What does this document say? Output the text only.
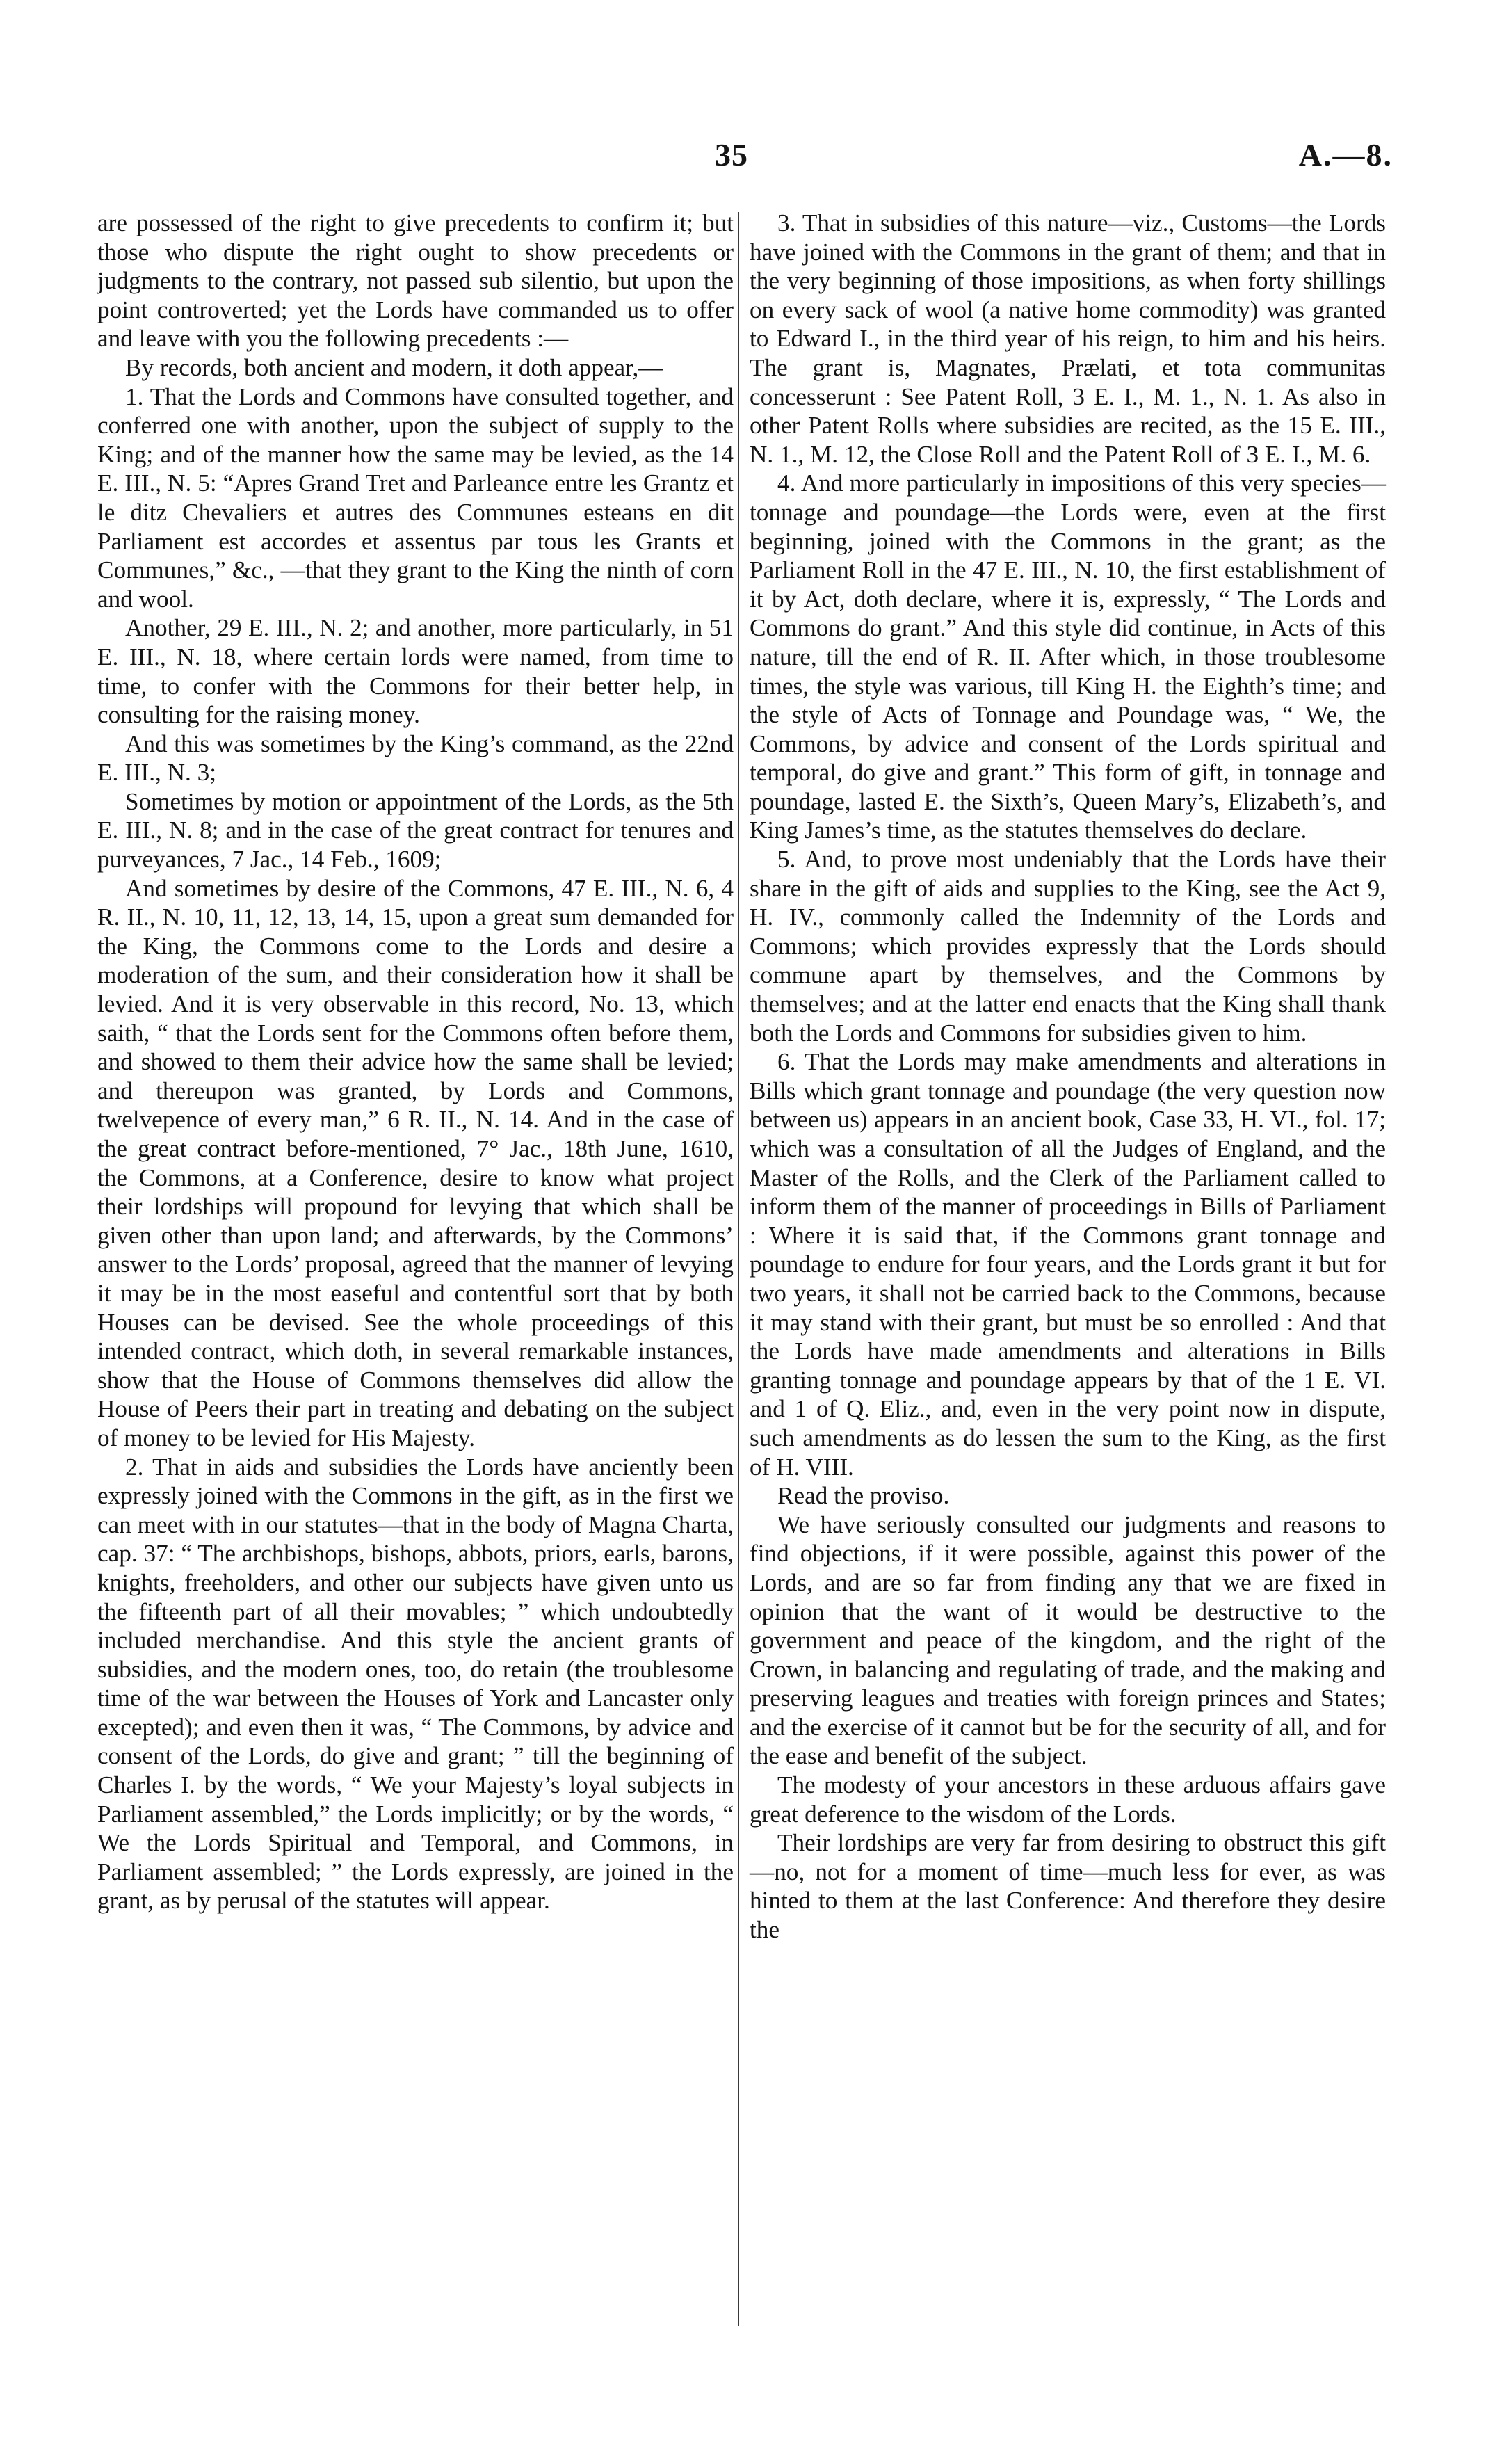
35	A.—8.

are possessed of the right to give precedents to confirm it; but those who dispute the right ought to show precedents or judgments to the contrary, not passed sub silentio, but upon the point controverted; yet the Lords have commanded us to offer and leave with you the following precedents :—

By records, both ancient and modern, it doth appear,—

1. That the Lords and Commons have consulted together, and conferred one with another, upon the subject of supply to the King; and of the manner how the same may be levied, as the 14 E. III., N. 5: “Apres Grand Tret and Parleance entre les Grantz et le ditz Chevaliers et autres des Communes esteans en dit Parliament est accordes et assentus par tous les Grants et Communes,” &c., —that they grant to the King the ninth of corn and wool.

Another, 29 E. III., N. 2; and another, more particularly, in 51 E. III., N. 18, where certain lords were named, from time to time, to confer with the Commons for their better help, in consulting for the raising money.

And this was sometimes by the King’s command, as the 22nd E. III., N. 3;

Sometimes by motion or appointment of the Lords, as the 5th E. III., N. 8; and in the case of the great contract for tenures and purveyances, 7 Jac., 14 Feb., 1609;

And sometimes by desire of the Commons, 47 E. III., N. 6, 4 R. II., N. 10, 11, 12, 13, 14, 15, upon a great sum demanded for the King, the Commons come to the Lords and desire a moderation of the sum, and their consideration how it shall be levied. And it is very observable in this record, No. 13, which saith, “ that the Lords sent for the Commons often before them, and showed to them their advice how the same shall be levied; and thereupon was granted, by Lords and Commons, twelvepence of every man,” 6 R. II., N. 14. And in the case of the great contract before-mentioned, 7° Jac., 18th June, 1610, the Commons, at a Conference, desire to know what project their lordships will propound for levying that which shall be given other than upon land; and afterwards, by the Commons’ answer to the Lords’ proposal, agreed that the manner of levying it may be in the most easeful and contentful sort that by both Houses can be devised. See the whole proceedings of this intended contract, which doth, in several remarkable instances, show that the House of Commons themselves did allow the House of Peers their part in treating and debating on the subject of money to be levied for His Majesty.

2. That in aids and subsidies the Lords have anciently been expressly joined with the Commons in the gift, as in the first we can meet with in our statutes—that in the body of Magna Charta, cap. 37: “ The archbishops, bishops, abbots, priors, earls, barons, knights, freeholders, and other our subjects have given unto us the fifteenth part of all their movables; ” which undoubtedly included merchandise. And this style the ancient grants of subsidies, and the modern ones, too, do retain (the troublesome time of the war between the Houses of York and Lancaster only excepted); and even then it was, “ The Commons, by advice and consent of the Lords, do give and grant; ” till the beginning of Charles I. by the words, “ We your Majesty’s loyal subjects in Parliament assembled,” the Lords implicitly; or by the words, “ We the Lords Spiritual and Temporal, and Commons, in Parliament assembled; ” the Lords expressly, are joined in the grant, as by perusal of the statutes will appear.

3. That in subsidies of this nature—viz., Customs—the Lords have joined with the Commons in the grant of them; and that in the very beginning of those impositions, as when forty shillings on every sack of wool (a native home commodity) was granted to Edward I., in the third year of his reign, to him and his heirs. The grant is, Magnates, Prælati, et tota communitas concesserunt : See Patent Roll, 3 E. I., M. 1., N. 1. As also in other Patent Rolls where subsidies are recited, as the 15 E. III., N. 1., M. 12, the Close Roll and the Patent Roll of 3 E. I., M. 6.

4. And more particularly in impositions of this very species—tonnage and poundage—the Lords were, even at the first beginning, joined with the Commons in the grant; as the Parliament Roll in the 47 E. III., N. 10, the first establishment of it by Act, doth declare, where it is, expressly, “ The Lords and Commons do grant.” And this style did continue, in Acts of this nature, till the end of R. II. After which, in those troublesome times, the style was various, till King H. the Eighth’s time; and the style of Acts of Tonnage and Poundage was, “ We, the Commons, by advice and consent of the Lords spiritual and temporal, do give and grant.” This form of gift, in tonnage and poundage, lasted E. the Sixth’s, Queen Mary’s, Elizabeth’s, and King James’s time, as the statutes themselves do declare.

5. And, to prove most undeniably that the Lords have their share in the gift of aids and supplies to the King, see the Act 9, H. IV., commonly called the Indemnity of the Lords and Commons; which provides expressly that the Lords should commune apart by themselves, and the Commons by themselves; and at the latter end enacts that the King shall thank both the Lords and Commons for subsidies given to him.

6. That the Lords may make amendments and alterations in Bills which grant tonnage and poundage (the very question now between us) appears in an ancient book, Case 33, H. VI., fol. 17; which was a consultation of all the Judges of England, and the Master of the Rolls, and the Clerk of the Parliament called to inform them of the manner of proceedings in Bills of Parliament : Where it is said that, if the Commons grant tonnage and poundage to endure for four years, and the Lords grant it but for two years, it shall not be carried back to the Commons, because it may stand with their grant, but must be so enrolled : And that the Lords have made amendments and alterations in Bills granting tonnage and poundage appears by that of the 1 E. VI. and 1 of Q. Eliz., and, even in the very point now in dispute, such amendments as do lessen the sum to the King, as the first of H. VIII.

Read the proviso.

We have seriously consulted our judgments and reasons to find objections, if it were possible, against this power of the Lords, and are so far from finding any that we are fixed in opinion that the want of it would be destructive to the government and peace of the kingdom, and the right of the Crown, in balancing and regulating of trade, and the making and preserving leagues and treaties with foreign princes and States; and the exercise of it cannot but be for the security of all, and for the ease and benefit of the subject.

The modesty of your ancestors in these arduous affairs gave great deference to the wisdom of the Lords.

Their lordships are very far from desiring to obstruct this gift—no, not for a moment of time—much less for ever, as was hinted to them at the last Conference: And therefore they desire the
